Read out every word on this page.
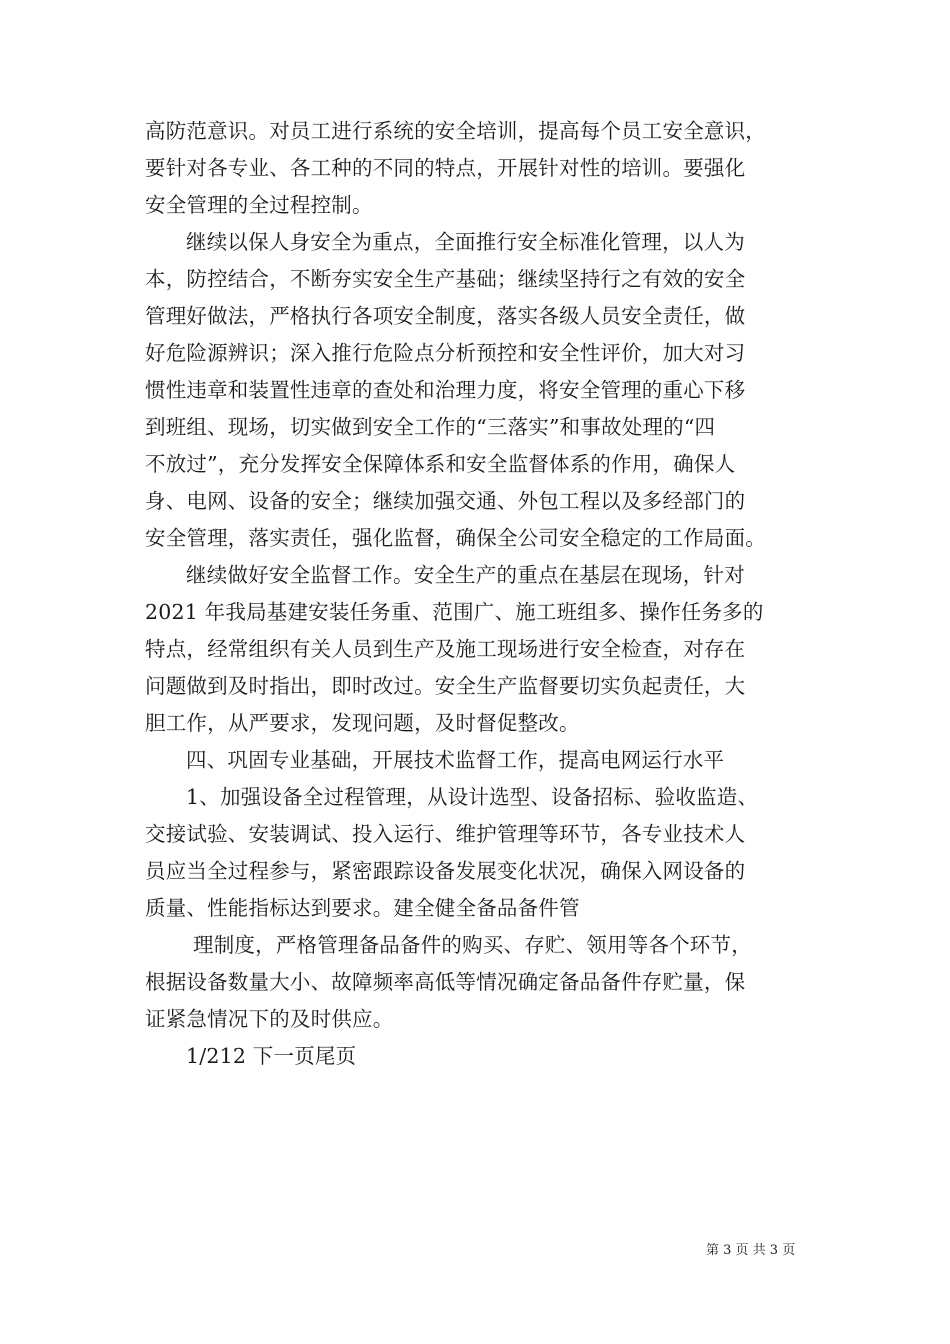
高防范意识。对员工进行系统的安全培训，提高每个员工安全意识，
要针对各专业、各工种的不同的特点，开展针对性的培训。要强化
安全管理的全过程控制。
继续以保人身安全为重点，全面推行安全标准化管理，以人为
本，防控结合，不断夯实安全生产基础；继续坚持行之有效的安全
管理好做法，严格执行各项安全制度，落实各级人员安全责任，做
好危险源辨识；深入推行危险点分析预控和安全性评价，加大对习
惯性违章和装置性违章的查处和治理力度，将安全管理的重心下移
到班组、现场，切实做到安全工作的“三落实”和事故处理的“四
不放过”，充分发挥安全保障体系和安全监督体系的作用，确保人
身、电网、设备的安全；继续加强交通、外包工程以及多经部门的
安全管理，落实责任，强化监督，确保全公司安全稳定的工作局面。
继续做好安全监督工作。安全生产的重点在基层在现场，针对
2021 年我局基建安装任务重、范围广、施工班组多、操作任务多的
特点，经常组织有关人员到生产及施工现场进行安全检查，对存在
问题做到及时指出，即时改过。安全生产监督要切实负起责任，大
胆工作，从严要求，发现问题，及时督促整改。
四、巩固专业基础，开展技术监督工作，提高电网运行水平
1、加强设备全过程管理，从设计选型、设备招标、验收监造、
交接试验、安装调试、投入运行、维护管理等环节，各专业技术人
员应当全过程参与，紧密跟踪设备发展变化状况，确保入网设备的
质量、性能指标达到要求。建全健全备品备件管
理制度，严格管理备品备件的购买、存贮、领用等各个环节，
根据设备数量大小、故障频率高低等情况确定备品备件存贮量，保
证紧急情况下的及时供应。
1/212 下一页尾页
第 3 页 共 3 页
